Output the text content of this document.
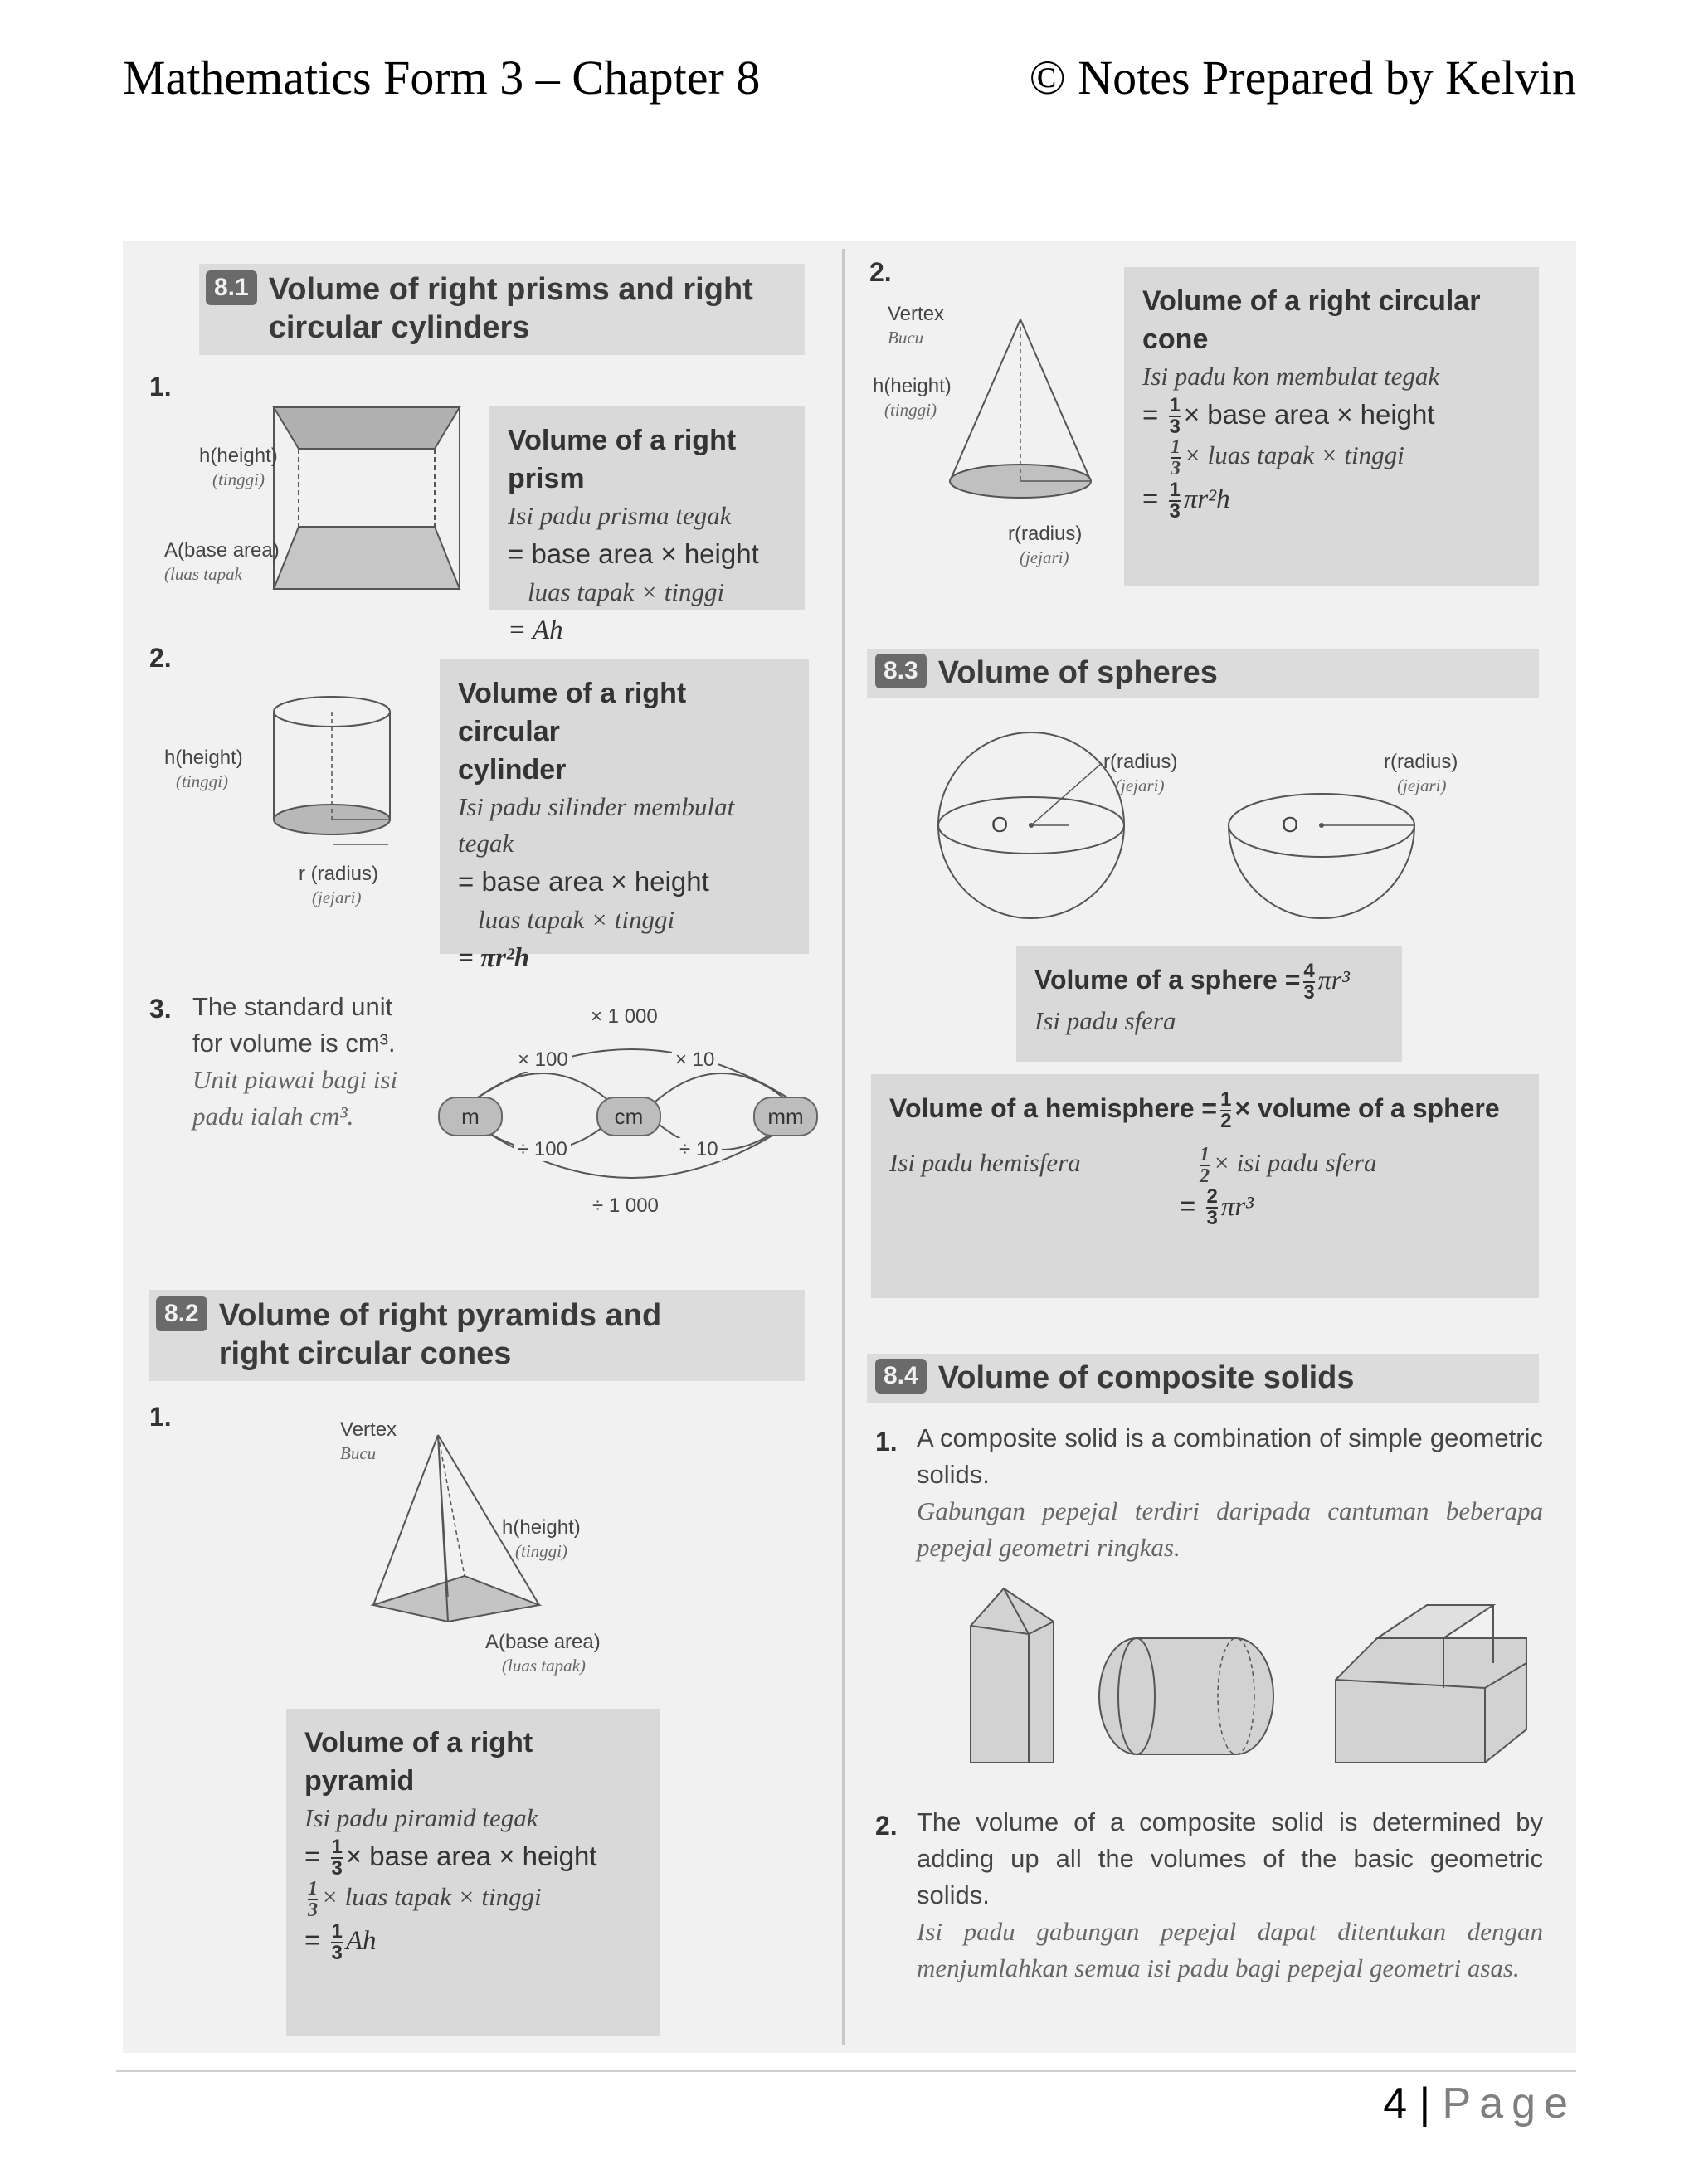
Mathematics Form 3 – Chapter 8	© Notes Prepared by Kelvin
8.1 Volume of right prisms and right circular cylinders
1.
h(height)
(tinggi)
A(base area)
(luas tapak
Volume of a right prism
Isi padu prisma tegak
= base area × height
luas tapak × tinggi
= Ah
2.
h(height)
(tinggi)
r (radius)
(jejari)
Volume of a right circular
cylinder
Isi padu silinder membulat
tegak
= base area × height
luas tapak × tinggi
= πr²h
3. The standard unit
for volume is cm³.
Unit piawai bagi isi
padu ialah cm³.	m	cm	mm
× 1 000
× 100	× 10
÷ 100	÷ 10
÷ 1 000
8.2 Volume of right pyramids and right circular cones
1.	Vertex
Bucu
h(height)
(tinggi)
A(base area)
(luas tapak)
Volume of a right pyramid
Isi padu piramid tegak
= $\frac{1}{3}$ × base area × height
$\frac{1}{3}$ × luas tapak × tinggi
= $\frac{1}{3}$ Ah
2.
Vertex
Bucu
h(height)
(tinggi)
r(radius)
(jejari)
Volume of a right circular cone
Isi padu kon membulat tegak
= $\frac{1}{3}$ × base area × height
$\frac{1}{3}$ × luas tapak × tinggi
= $\frac{1}{3} \pi r^2h$
8.3 Volume of spheres
O	O
r(radius)
(jejari)
r(radius)
(jejari)
Volume of a sphere = $\frac{4}{3} \pi r^3$
Isi padu sfera
Volume of a hemisphere = $\frac{1}{2}$ × volume of a sphere
Isi padu hemisfera	$\frac{1}{2}$ × isi padu sfera
= $\frac{2}{3} \pi r^3$
8.4 Volume of composite solids
1. A composite solid is a combination of simple geometric solids.
Gabungan pepejal terdiri daripada cantuman beberapa pepejal geometri ringkas.
2. The volume of a composite solid is determined by adding up all the volumes of the basic geometric solids.
Isi padu gabungan pepejal dapat ditentukan dengan menjumlahkan semua isi padu bagi pepejal geometri asas.
4 | Page
